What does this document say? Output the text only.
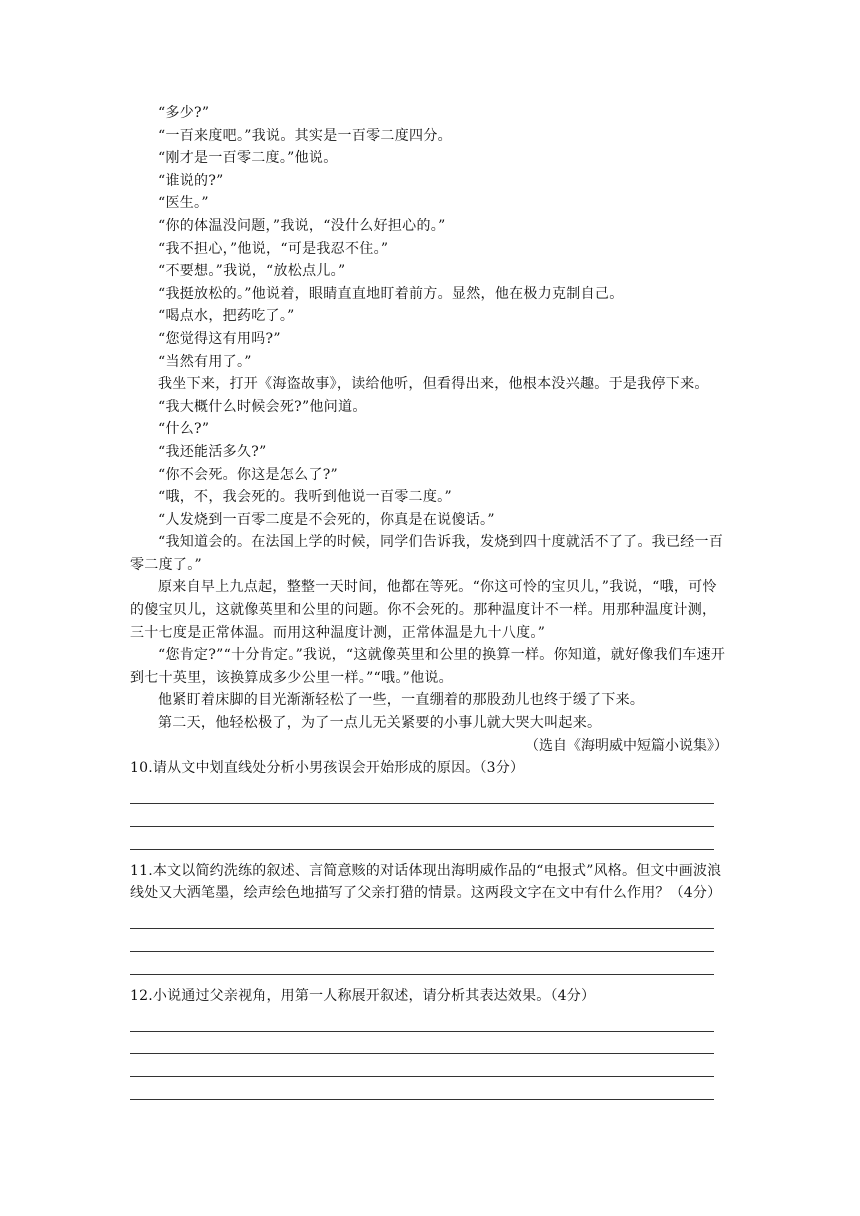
“多少?”

“一百来度吧。”我说。其实是一百零二度四分。

“刚才是一百零二度。”他说。

“谁说的?”

“医生。”

“你的体温没问题，”我说，“没什么好担心的。”

“我不担心，”他说，“可是我忍不住。”

“不要想。”我说，“放松点儿。”

“我挺放松的。”他说着，眼睛直直地盯着前方。显然，他在极力克制自己。

“喝点水，把药吃了。”

“您觉得这有用吗?”

“当然有用了。”

我坐下来，打开《海盗故事》，读给他听，但看得出来，他根本没兴趣。于是我停下来。

“我大概什么时候会死?”他问道。

“什么?”

“我还能活多久?”

“你不会死。你这是怎么了?”

“哦，不，我会死的。我听到他说一百零二度。”

“人发烧到一百零二度是不会死的，你真是在说傻话。”

“我知道会的。在法国上学的时候，同学们告诉我，发烧到四十度就活不了了。我已经一百零二度了。”

原来自早上九点起，整整一天时间，他都在等死。“你这可怜的宝贝儿，”我说，“哦，可怜的傻宝贝儿，这就像英里和公里的问题。你不会死的。那种温度计不一样。用那种温度计测，三十七度是正常体温。而用这种温度计测，正常体温是九十八度。”

“您肯定?”“十分肯定。”我说，“这就像英里和公里的换算一样。你知道，就好像我们车速开到七十英里，该换算成多少公里一样。”“哦。”他说。

他紧盯着床脚的目光渐渐轻松了一些，一直绷着的那股劲儿也终于缓了下来。

第二天，他轻松极了，为了一点儿无关紧要的小事儿就大哭大叫起来。

（选自《海明威中短篇小说集》）

10.请从文中划直线处分析小男孩误会开始形成的原因。（3分）

11.本文以简约洗练的叙述、言简意赅的对话体现出海明威作品的“电报式”风格。但文中画波浪线处又大洒笔墨，绘声绘色地描写了父亲打猎的情景。这两段文字在文中有什么作用？（4分）

12.小说通过父亲视角，用第一人称展开叙述，请分析其表达效果。（4分）
